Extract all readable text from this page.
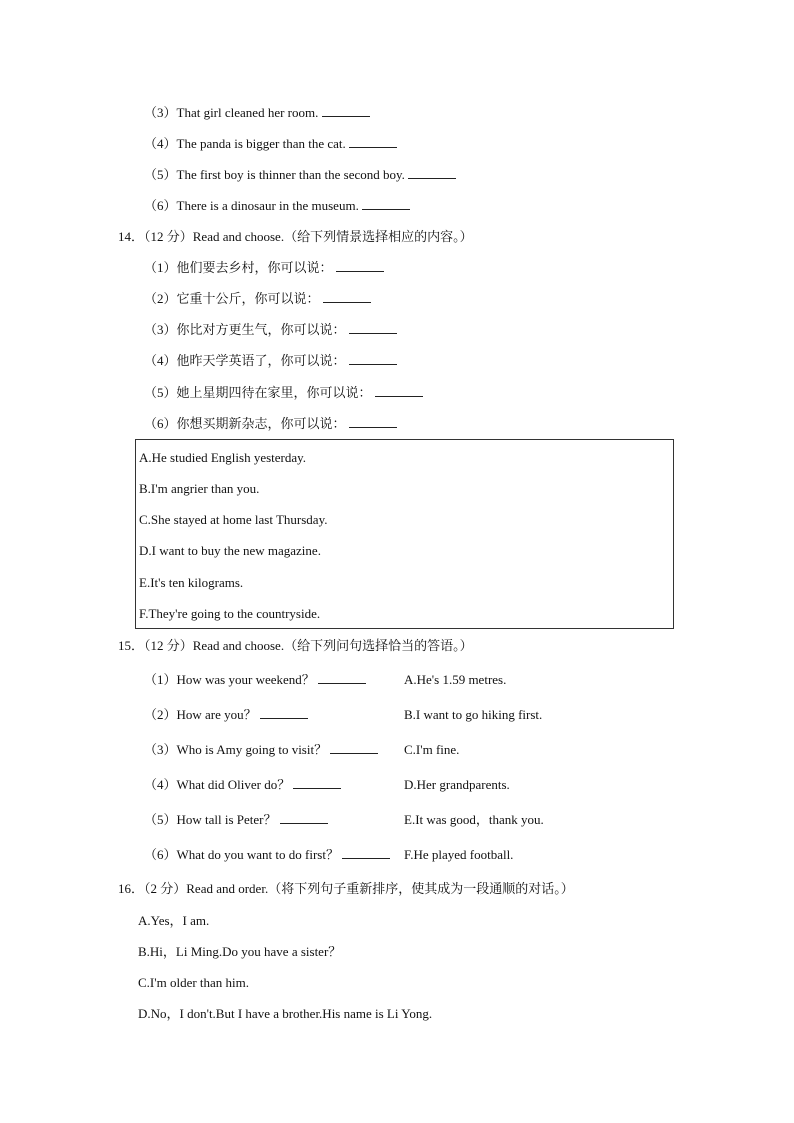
（3）That girl cleaned her room.
（4）The panda is bigger than the cat.
（5）The first boy is thinner than the second boy.
（6）There is a dinosaur in the museum.
14．（12 分）Read and choose.（给下列情景选择相应的内容。）
（1）他们要去乡村，你可以说：
（2）它重十公斤，你可以说：
（3）你比对方更生气，你可以说：
（4）他昨天学英语了，你可以说：
（5）她上星期四待在家里，你可以说：
（6）你想买期新杂志，你可以说：
A.He studied English yesterday.
B.I'm angrier than you.
C.She stayed at home last Thursday.
D.I want to buy the new magazine.
E.It's ten kilograms.
F.They're going to the countryside.
15．（12 分）Read and choose.（给下列问句选择恰当的答语。）
（1）How was your weekend？	A.He's 1.59 metres.
（2）How are you？	B.I want to go hiking first.
（3）Who is Amy going to visit？	C.I'm fine.
（4）What did Oliver do？	D.Her grandparents.
（5）How tall is Peter？	E.It was good，thank you.
（6）What do you want to do first？	F.He played football.
16．（2 分）Read and order.（将下列句子重新排序，使其成为一段通顺的对话。）
A.Yes，I am.
B.Hi，Li Ming.Do you have a sister？
C.I'm older than him.
D.No，I don't.But I have a brother.His name is Li Yong.
